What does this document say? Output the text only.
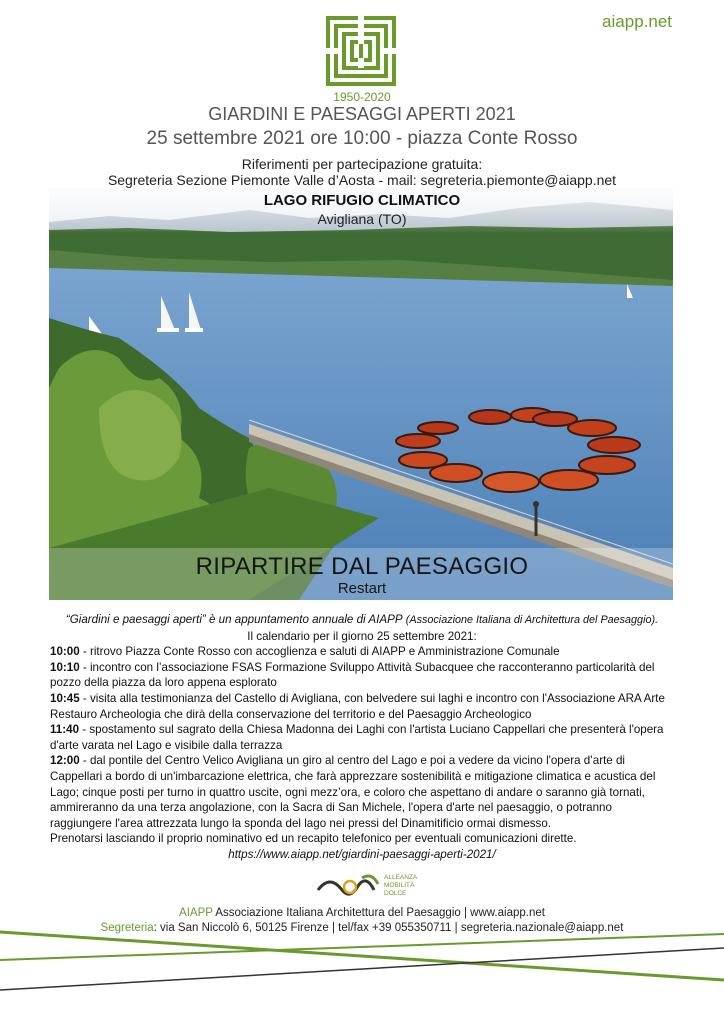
aiapp.net
1950-2020
GIARDINI E PAESAGGI APERTI 2021
25 settembre 2021 ore 10:00 - piazza Conte Rosso
Riferimenti per partecipazione gratuita:
Segreteria Sezione Piemonte Valle d’Aosta - mail: segreteria.piemonte@aiapp.net
LAGO RIFUGIO CLIMATICO
Avigliana (TO)
RIPARTIRE DAL PAESAGGIO
Restart

“Giardini e paesaggi aperti” è un appuntamento annuale di AIAPP (Associazione Italiana di Architettura del Paesaggio).

Il calendario per il giorno 25 settembre 2021:

10:00 - ritrovo Piazza Conte Rosso con accoglienza e saluti di AIAPP e Amministrazione Comunale

10:10 - incontro con l’associazione FSAS Formazione Sviluppo Attività Subacquee che racconteranno particolarità del pozzo della piazza da loro appena esplorato

10:45 - visita alla testimonianza del Castello di Avigliana, con belvedere sui laghi e incontro con l'Associazione ARA Arte Restauro Archeologia che dirà della conservazione del territorio e del Paesaggio Archeologico

11:40 - spostamento sul sagrato della Chiesa Madonna dei Laghi con l'artista Luciano Cappellari che presenterà l'opera d'arte varata nel Lago e visibile dalla terrazza

12:00 - dal pontile del Centro Velico Avigliana un giro al centro del Lago e poi a vedere da vicino l'opera d’arte di Cappellari a bordo di un'imbarcazione elettrica, che farà apprezzare sostenibilità e mitigazione climatica e acustica del Lago; cinque posti per turno in quattro uscite, ogni mezz’ora, e coloro che aspettano di andare o saranno già tornati, ammireranno da una terza angolazione, con la Sacra di San Michele, l'opera d'arte nel paesaggio, o potranno raggiungere l'area attrezzata lungo la sponda del lago nei pressi del Dinamitificio ormai dismesso.

Prenotarsi lasciando il proprio nominativo ed un recapito telefonico per eventuali comunicazioni dirette.

https://www.aiapp.net/giardini-paesaggi-aperti-2021/

ALLEANZA
MOBILITÀ
DOLCE
AIAPP Associazione Italiana Architettura del Paesaggio | www.aiapp.net
Segreteria: via San Niccolò 6, 50125 Firenze | tel/fax +39 055350711 | segreteria.nazionale@aiapp.net
